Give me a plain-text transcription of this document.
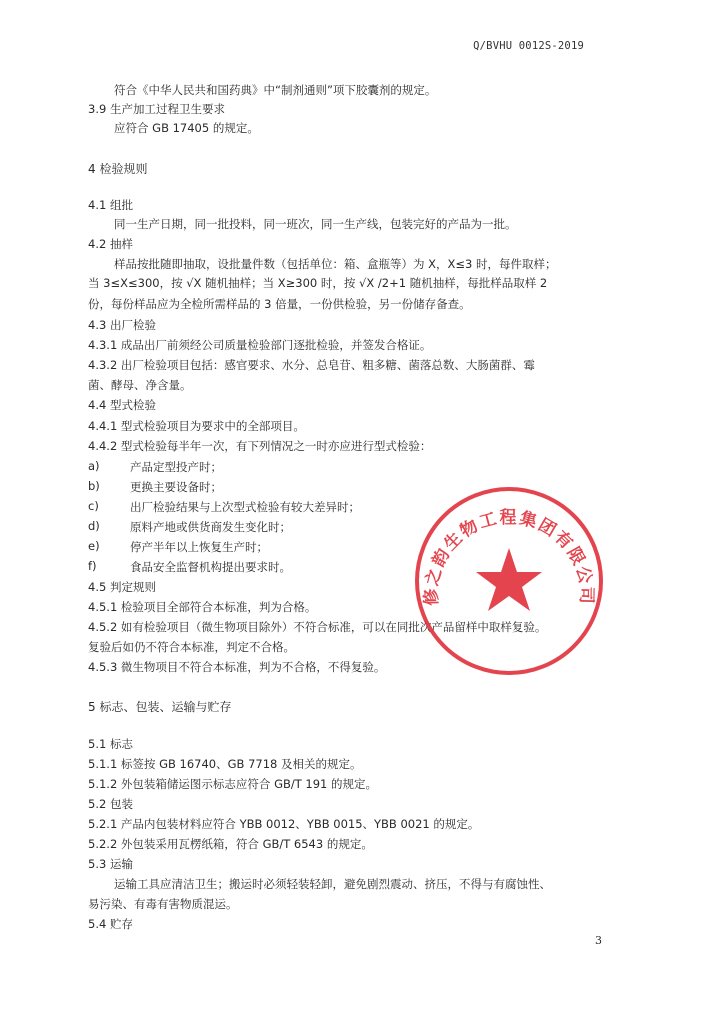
Q/BVHU 0012S-2019
符合《中华人民共和国药典》中“制剂通则”项下胶囊剂的规定。
3.9 生产加工过程卫生要求
应符合 GB 17405 的规定。
4 检验规则
4.1 组批
同一生产日期，同一批投料，同一班次，同一生产线，包装完好的产品为一批。
4.2 抽样
样品按批随即抽取，设批量件数（包括单位：箱、盒瓶等）为 X，X≤3 时，每件取样；
当 3≤X≤300，按 √X 随机抽样；当 X≥300 时，按 √X /2+1 随机抽样，每批样品取样 2
份，每份样品应为全检所需样品的 3 倍量，一份供检验，另一份储存备查。
4.3 出厂检验
4.3.1 成品出厂前须经公司质量检验部门逐批检验，并签发合格证。
4.3.2 出厂检验项目包括：感官要求、水分、总皂苷、粗多糖、菌落总数、大肠菌群、霉
菌、酵母、净含量。
4.4 型式检验
4.4.1 型式检验项目为要求中的全部项目。
4.4.2 型式检验每半年一次，有下列情况之一时亦应进行型式检验：
a)	产品定型投产时；
b)	更换主要设备时；
c)	出厂检验结果与上次型式检验有较大差异时；
d)	原料产地或供货商发生变化时；
e)	停产半年以上恢复生产时；
f)	食品安全监督机构提出要求时。
4.5 判定规则
4.5.1 检验项目全部符合本标准，判为合格。
4.5.2 如有检验项目（微生物项目除外）不符合标准，可以在同批次产品留样中取样复验。
复验后如仍不符合本标准，判定不合格。
4.5.3 微生物项目不符合本标准，判为不合格，不得复验。
5 标志、包装、运输与贮存
5.1 标志
5.1.1 标签按 GB 16740、GB 7718 及相关的规定。
5.1.2 外包装箱储运图示标志应符合 GB/T 191 的规定。
5.2 包装
5.2.1 产品内包装材料应符合 YBB 0012、YBB 0015、YBB 0021 的规定。
5.2.2 外包装采用瓦楞纸箱，符合 GB/T 6543 的规定。
5.3 运输
运输工具应清洁卫生；搬运时必须轻装轻卸，避免剧烈震动、挤压，不得与有腐蚀性、
易污染、有毒有害物质混运。
5.4 贮存
修之韵生物工程集团有限公司
3
